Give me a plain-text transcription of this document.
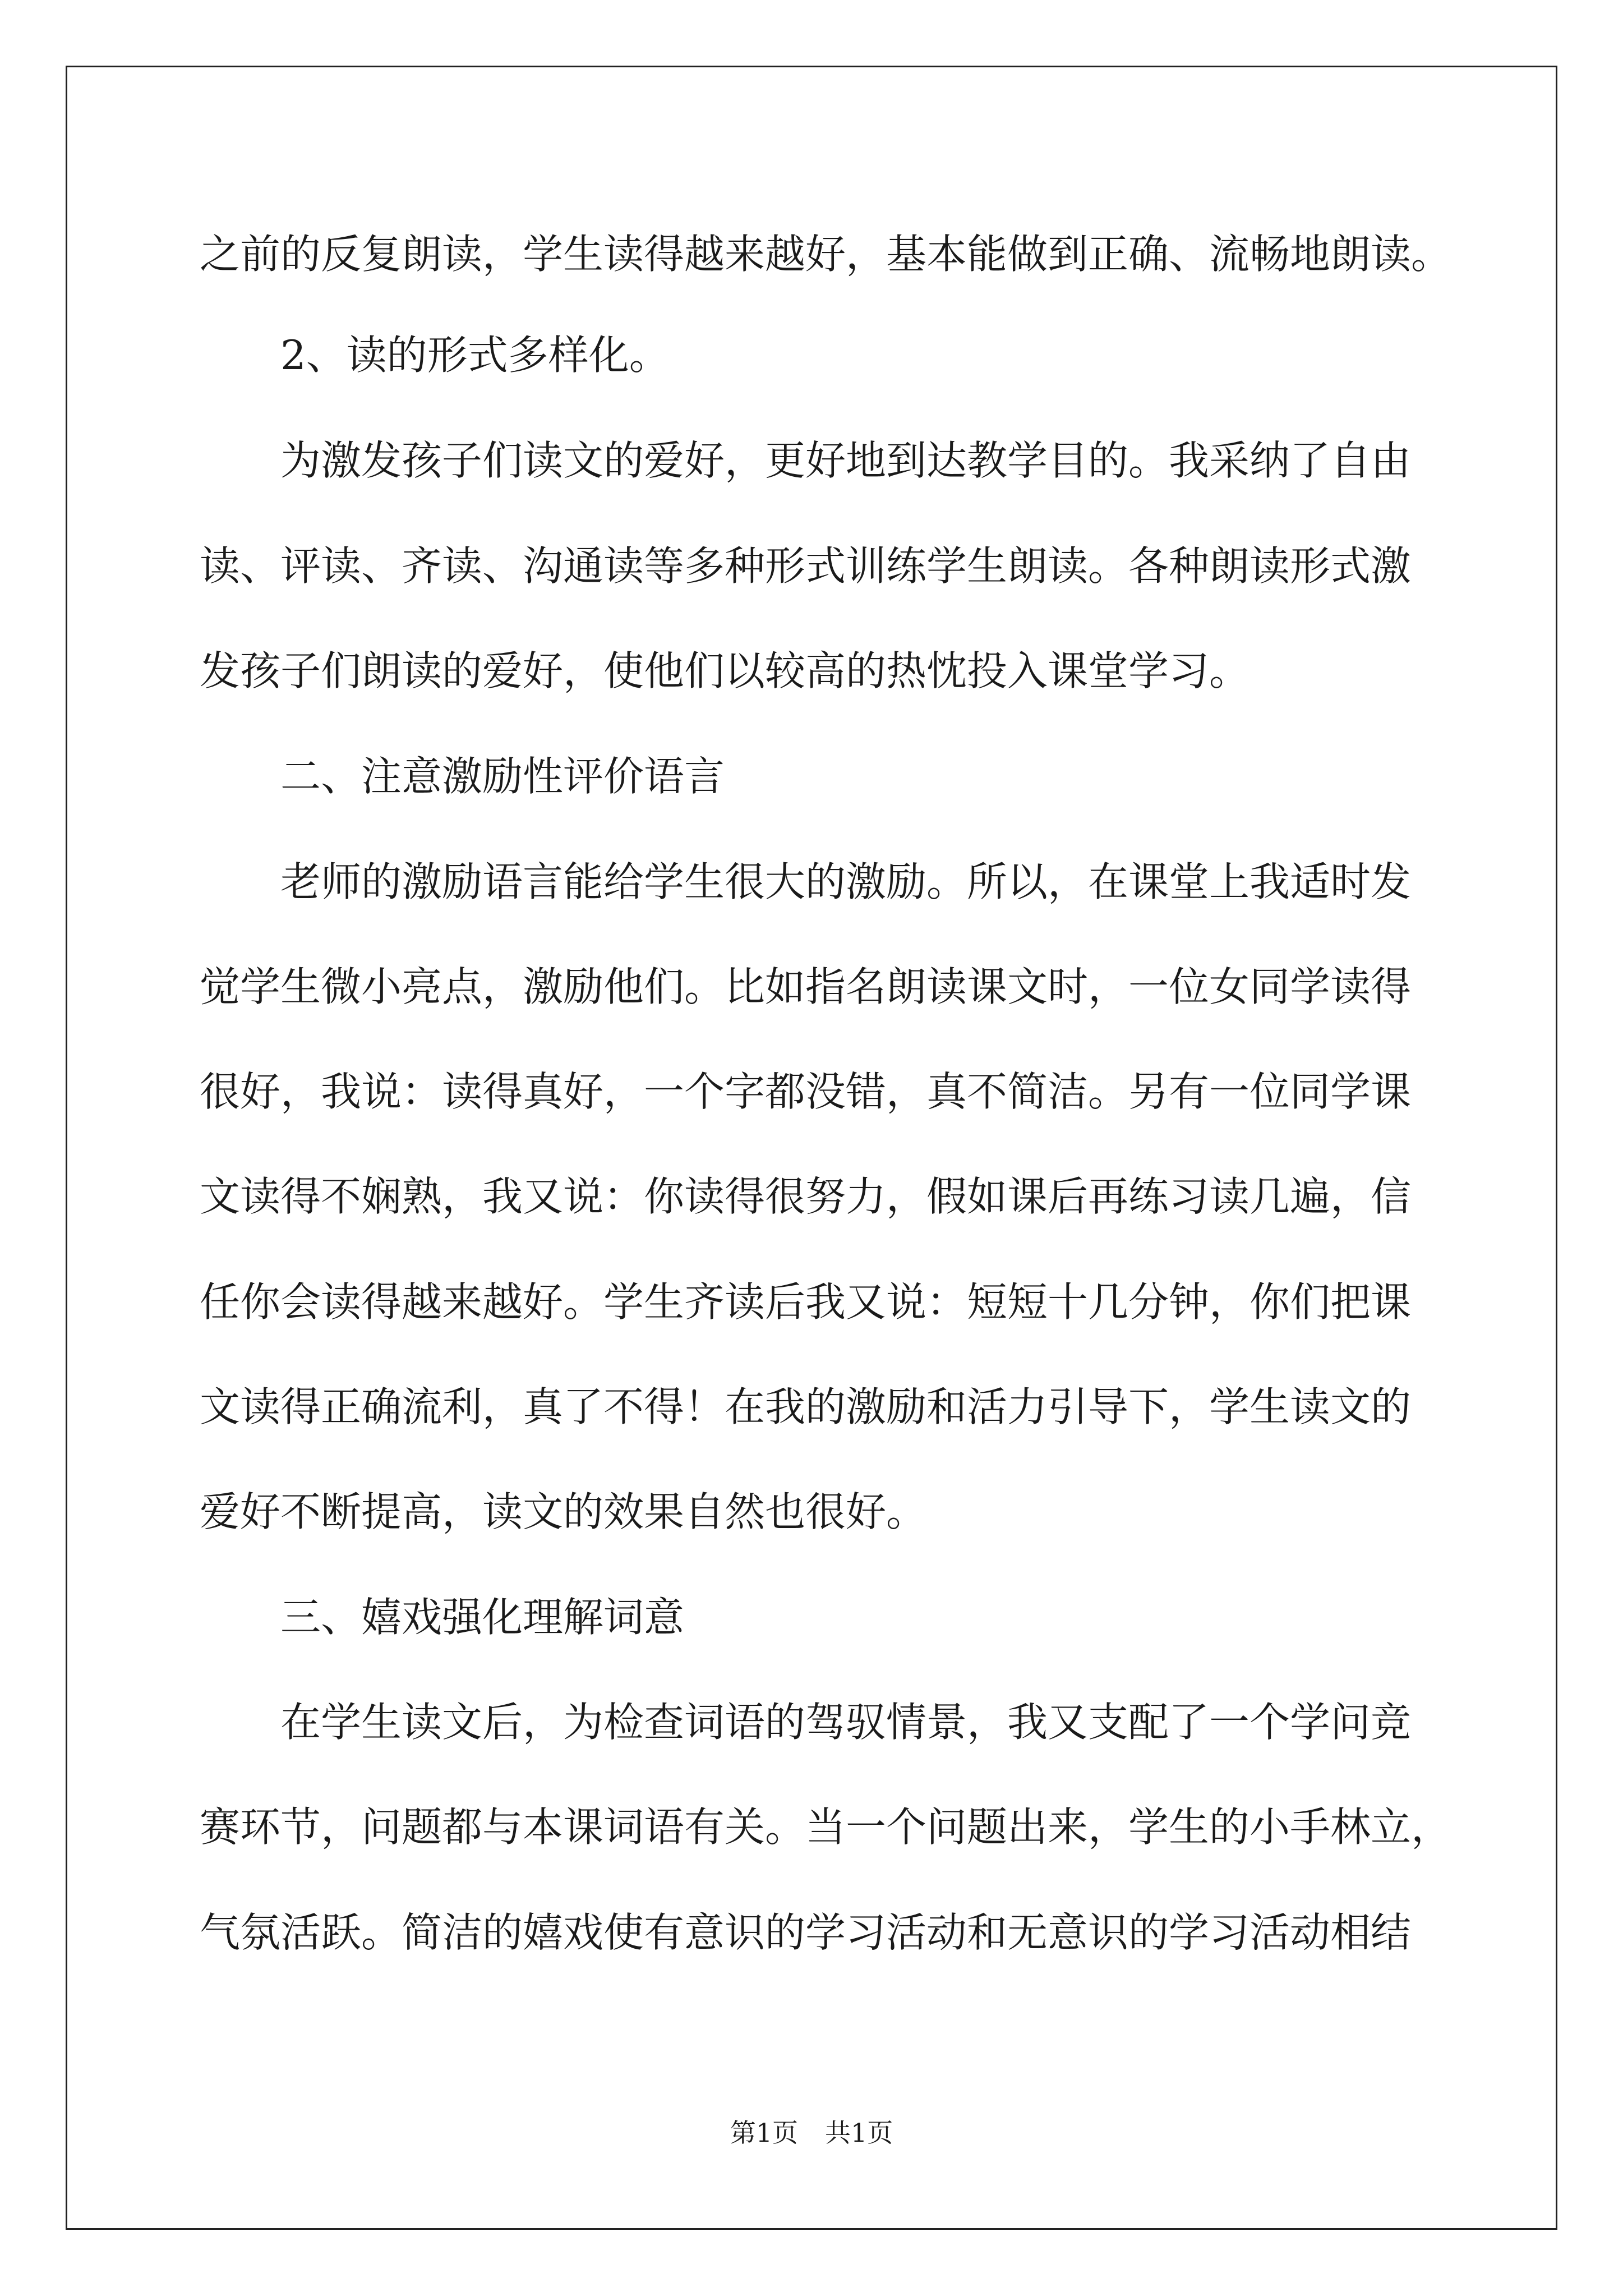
之前的反复朗读，学生读得越来越好，基本能做到正确、流畅地朗读。
2、读的形式多样化。
为激发孩子们读文的爱好，更好地到达教学目的。我采纳了自由
读、评读、齐读、沟通读等多种形式训练学生朗读。各种朗读形式激
发孩子们朗读的爱好，使他们以较高的热忱投入课堂学习。
二、注意激励性评价语言
老师的激励语言能给学生很大的激励。所以，在课堂上我适时发
觉学生微小亮点，激励他们。比如指名朗读课文时，一位女同学读得
很好，我说：读得真好，一个字都没错，真不简洁。另有一位同学课
文读得不娴熟，我又说：你读得很努力，假如课后再练习读几遍，信
任你会读得越来越好。学生齐读后我又说：短短十几分钟，你们把课
文读得正确流利，真了不得！在我的激励和活力引导下，学生读文的
爱好不断提高，读文的效果自然也很好。
三、嬉戏强化理解词意
在学生读文后，为检查词语的驾驭情景，我又支配了一个学问竞
赛环节，问题都与本课词语有关。当一个问题出来，学生的小手林立，
气氛活跃。简洁的嬉戏使有意识的学习活动和无意识的学习活动相结
第1页 共1页
